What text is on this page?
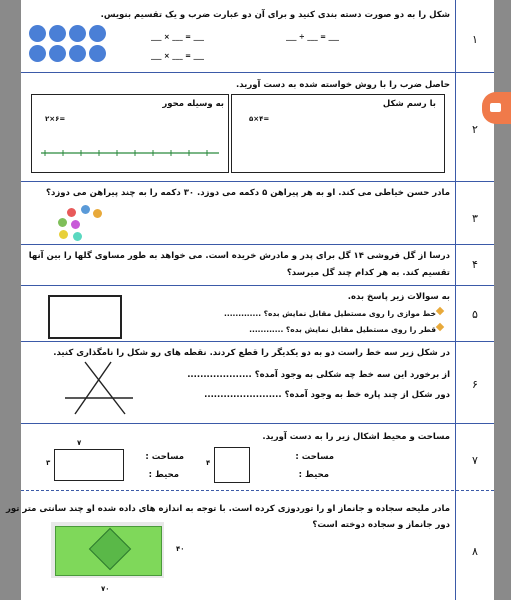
شکل را به دو صورت دسته بندی کنید و برای آن دو عبارت ضرب و یک تقسیم بنویس.
۱
___ × ___ = ___
___ × ___ = ___
___ ÷ ___ = ___
حاصل ضرب را با روش خواسته شده به دست آورید.
۲
به وسیله محور	با رسم شکل
۲×۶=	۵×۴=
مادر حسن خیاطی می کند. او به هر پیراهن ۵ دکمه می دوزد. ۳۰ دکمه را به چند پیراهن می دوزد؟
۳
درسا از گل فروشی ۱۴ گل برای پدر و مادرش خریده است. می خواهد به طور مساوی گلها را بین آنها
تقسیم کند. به هر کدام چند گل میرسد؟
۴
به سوالات زیر پاسخ بده.
۵
خط موازی را روی مستطیل مقابل نمایش بده؟ .............
قطر را روی مستطیل مقابل نمایش بده؟ ............
در شکل زیر سه خط راست دو به دو یکدیگر را قطع کردند. نقطه های رو شکل را نامگذاری کنید.
از برخورد این سه خط چه شکلی به وجود آمده؟ ....................
دور شکل از چند پاره خط به وجود آمده؟ ........................
۶
مساحت و محیط اشکال زیر را به دست آورید.
۷
۷
۳
مساحت :
محیط :
۴
مساحت :
محیط :
مادر ملیحه سجاده و جانماز او را توردوزی کرده است. با توجه به اندازه های داده شده او چند سانتی متر تور
دور جانماز و سجاده دوخته است؟
۸
۴۰
۷۰
